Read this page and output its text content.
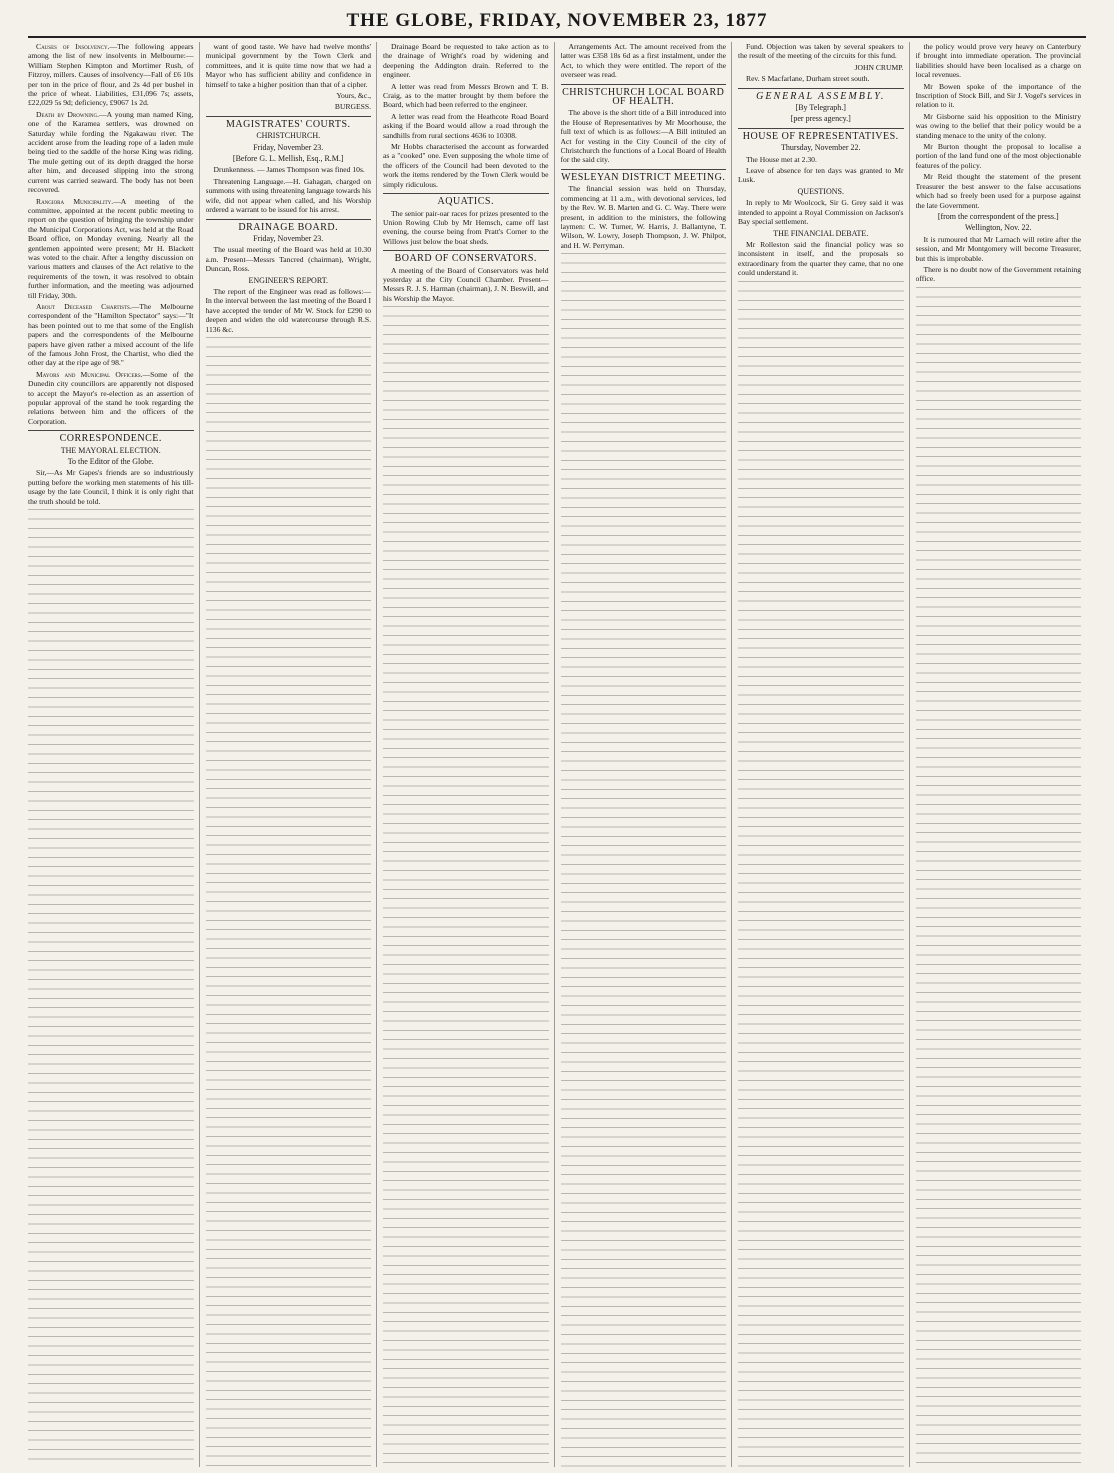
THE GLOBE, FRIDAY, NOVEMBER 23, 1877

Causes of Insolvency.—The following appears among the list of new insolvents in Melbourne:—William Stephen Kimpton and Mortimer Rush, of Fitzroy, millers. Causes of insolvency—Fall of £6 10s per ton in the price of flour, and 2s 4d per bushel in the price of wheat. Liabilities, £31,096 7s; assets, £22,029 5s 9d; deficiency, £9067 1s 2d.

Death by Drowning.—A young man named King, one of the Karamea settlers, was drowned on Saturday while fording the Ngakawau river. The accident arose from the leading rope of a laden mule being tied to the saddle of the horse King was riding. The mule getting out of its depth dragged the horse after him, and deceased slipping into the strong current was carried seaward. The body has not been recovered.

Rangiora Municipality.—A meeting of the committee, appointed at the recent public meeting to report on the question of bringing the township under the Municipal Corporations Act, was held at the Road Board office, on Monday evening. Nearly all the gentlemen appointed were present; Mr H. Blackett was voted to the chair. After a lengthy discussion on various matters and clauses of the Act relative to the requirements of the town, it was resolved to obtain further information, and the meeting was adjourned till Friday, 30th.

About Deceased Chartists.—The Melbourne correspondent of the "Hamilton Spectator" says:—"It has been pointed out to me that some of the English papers and the correspondents of the Melbourne papers have given rather a mixed account of the life of the famous John Frost, the Chartist, who died the other day at the ripe age of 98."

Mayors and Municipal Officers.—Some of the Dunedin city councillors are apparently not disposed to accept the Mayor's re-election as an assertion of popular approval of the stand he took regarding the relations between him and the officers of the Corporation.

CORRESPONDENCE.
THE MAYORAL ELECTION.
To the Editor of the Globe.

Sir,—As Mr Gapes's friends are so industriously putting before the working men statements of his till-usage by the late Council, I think it is only right that the truth should be told.

want of good taste. We have had twelve months' municipal government by the Town Clerk and committees, and it is quite time now that we had a Mayor who has sufficient ability and confidence in himself to take a higher position than that of a cipher.

Yours, &c.,

BURGESS.

MAGISTRATES' COURTS.
CHRISTCHURCH.
Friday, November 23.
[Before G. L. Mellish, Esq., R.M.]

Drunkenness. — James Thompson was fined 10s.

Threatening Language.—H. Gahagan, charged on summons with using threatening language towards his wife, did not appear when called, and his Worship ordered a warrant to be issued for his arrest.

DRAINAGE BOARD.
Friday, November 23.

The usual meeting of the Board was held at 10.30 a.m. Present—Messrs Tancred (chairman), Wright, Duncan, Ross.

ENGINEER'S REPORT.

The report of the Engineer was read as follows:—In the interval between the last meeting of the Board I have accepted the tender of Mr W. Stock for £290 to deepen and widen the old watercourse through R.S. 1136 &c.

Drainage Board be requested to take action as to the drainage of Wright's road by widening and deepening the Addington drain. Referred to the engineer.

A letter was read from Messrs Brown and T. B. Craig, as to the matter brought by them before the Board, which had been referred to the engineer.

A letter was read from the Heathcote Road Board asking if the Board would allow a road through the sandhills from rural sections 4636 to 10308.

Mr Hobbs characterised the account as forwarded as a "cooked" one. Even supposing the whole time of the officers of the Council had been devoted to the work the items rendered by the Town Clerk would be simply ridiculous.

AQUATICS.

The senior pair-oar races for prizes presented to the Union Rowing Club by Mr Hemsch, came off last evening, the course being from Pratt's Corner to the Willows just below the boat sheds.

BOARD OF CONSERVATORS.

A meeting of the Board of Conservators was held yesterday at the City Council Chamber. Present—Messrs R. J. S. Harman (chairman), J. N. Beswill, and his Worship the Mayor.

Arrangements Act. The amount received from the latter was £358 18s 6d as a first instalment, under the Act, to which they were entitled. The report of the overseer was read.

CHRISTCHURCH LOCAL BOARD OF HEALTH.

The above is the short title of a Bill introduced into the House of Representatives by Mr Moorhouse, the full text of which is as follows:—A Bill intituled an Act for vesting in the City Council of the city of Christchurch the functions of a Local Board of Health for the said city.

WESLEYAN DISTRICT MEETING.

The financial session was held on Thursday, commencing at 11 a.m., with devotional services, led by the Rev. W. B. Marten and G. C. Way. There were present, in addition to the ministers, the following laymen: C. W. Turner, W. Harris, J. Ballantyne, T. Wilson, W. Lowry, Joseph Thompson, J. W. Philpot, and H. W. Perryman.

Fund. Objection was taken by several speakers to the result of the meeting of the circuits for this fund.

JOHN CRUMP.

Rev. S Macfarlane, Durham street south.

GENERAL ASSEMBLY.
[By Telegraph.]
[per press agency.]
HOUSE OF REPRESENTATIVES.
Thursday, November 22.

The House met at 2.30.

Leave of absence for ten days was granted to Mr Lusk.

QUESTIONS.

In reply to Mr Woolcock, Sir G. Grey said it was intended to appoint a Royal Commission on Jackson's Bay special settlement.

THE FINANCIAL DEBATE.

Mr Rolleston said the financial policy was so inconsistent in itself, and the proposals so extraordinary from the quarter they came, that no one could understand it.

the policy would prove very heavy on Canterbury if brought into immediate operation. The provincial liabilities should have been localised as a charge on local revenues.

Mr Bowen spoke of the importance of the Inscription of Stock Bill, and Sir J. Vogel's services in relation to it.

Mr Gisborne said his opposition to the Ministry was owing to the belief that their policy would be a standing menace to the unity of the colony.

Mr Burton thought the proposal to localise a portion of the land fund one of the most objectionable features of the policy.

Mr Reid thought the statement of the present Treasurer the best answer to the false accusations which had so freely been used for a purpose against the late Government.

[from the correspondent of the press.]
Wellington, Nov. 22.

It is rumoured that Mr Larnach will retire after the session, and Mr Montgomery will become Treasurer, but this is improbable.

There is no doubt now of the Government retaining office.
